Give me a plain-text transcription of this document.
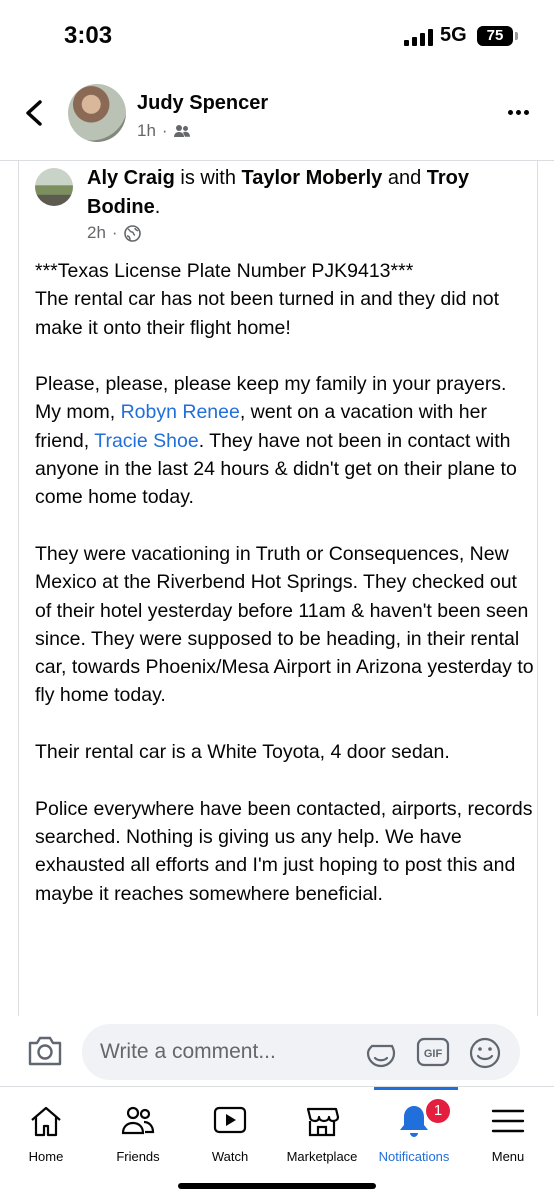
3:03	5G	75
Judy Spencer
1h ·
Aly Craig is with Taylor Moberly and Troy Bodine.
2h ·

***Texas License Plate Number PJK9413***
The rental car has not been turned in and they did not make it onto their flight home!

Please, please, please keep my family in your prayers. My mom, Robyn Renee, went on a vacation with her friend, Tracie Shoe. They have not been in contact with anyone in the last 24 hours & didn't get on their plane to come home today.

They were vacationing in Truth or Consequences, New Mexico at the Riverbend Hot Springs. They checked out of their hotel yesterday before 11am & haven't been seen since. They were supposed to be heading, in their rental car, towards Phoenix/Mesa Airport in Arizona yesterday to fly home today.

Their rental car is a White Toyota, 4 door sedan.

Police everywhere have been contacted, airports, records searched. Nothing is giving us any help. We have exhausted all efforts and I'm just hoping to post this and maybe it reaches somewhere beneficial.

Write a comment...	GIF
Home	Friends	Watch	Marketplace
1
Notifications	Menu
